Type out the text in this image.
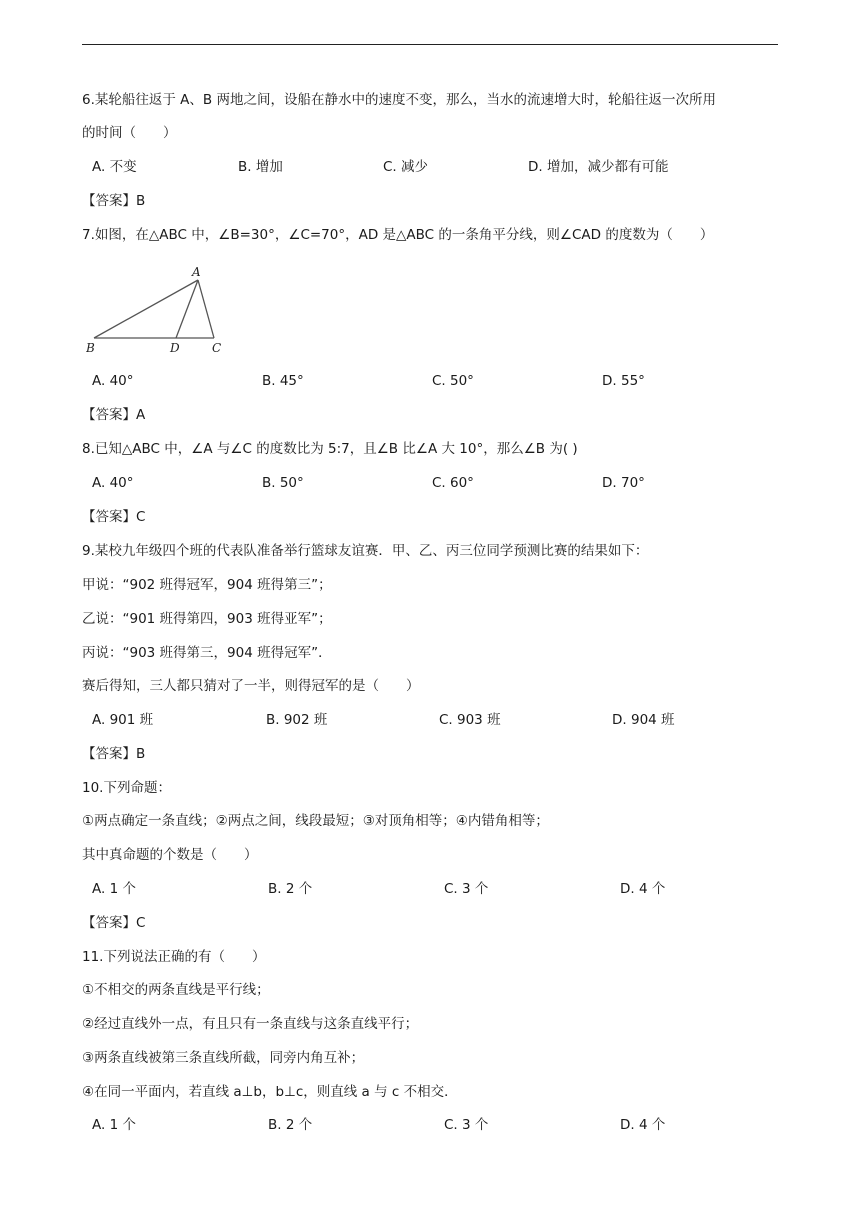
6.某轮船往返于 A、B 两地之间，设船在静水中的速度不变，那么，当水的流速增大时，轮船往返一次所用
的时间（　　）
A. 不变	B. 增加	C. 减少	D. 增加，减少都有可能
【答案】B
7.如图，在△ABC 中，∠B=30°，∠C=70°，AD 是△ABC 的一条角平分线，则∠CAD 的度数为（　　）
A
B	D	C
A. 40°	B. 45°	C. 50°	D. 55°
【答案】A
8.已知△ABC 中，∠A 与∠C 的度数比为 5:7，且∠B 比∠A 大 10°，那么∠B 为( )
A. 40°	B. 50°	C. 60°	D. 70°
【答案】C
9.某校九年级四个班的代表队准备举行篮球友谊赛．甲、乙、丙三位同学预测比赛的结果如下：
甲说：“902 班得冠军，904 班得第三”；
乙说：“901 班得第四，903 班得亚军”；
丙说：“903 班得第三，904 班得冠军”．
赛后得知，三人都只猜对了一半，则得冠军的是（　　）
A. 901 班	B. 902 班	C. 903 班	D. 904 班
【答案】B
10.下列命题：
①两点确定一条直线；②两点之间，线段最短；③对顶角相等；④内错角相等；
其中真命题的个数是（　　）
A. 1 个	B. 2 个	C. 3 个	D. 4 个
【答案】C
11.下列说法正确的有（　　）
①不相交的两条直线是平行线；
②经过直线外一点，有且只有一条直线与这条直线平行；
③两条直线被第三条直线所截，同旁内角互补；
④在同一平面内，若直线 a⊥b，b⊥c，则直线 a 与 c 不相交．
A. 1 个	B. 2 个	C. 3 个	D. 4 个
